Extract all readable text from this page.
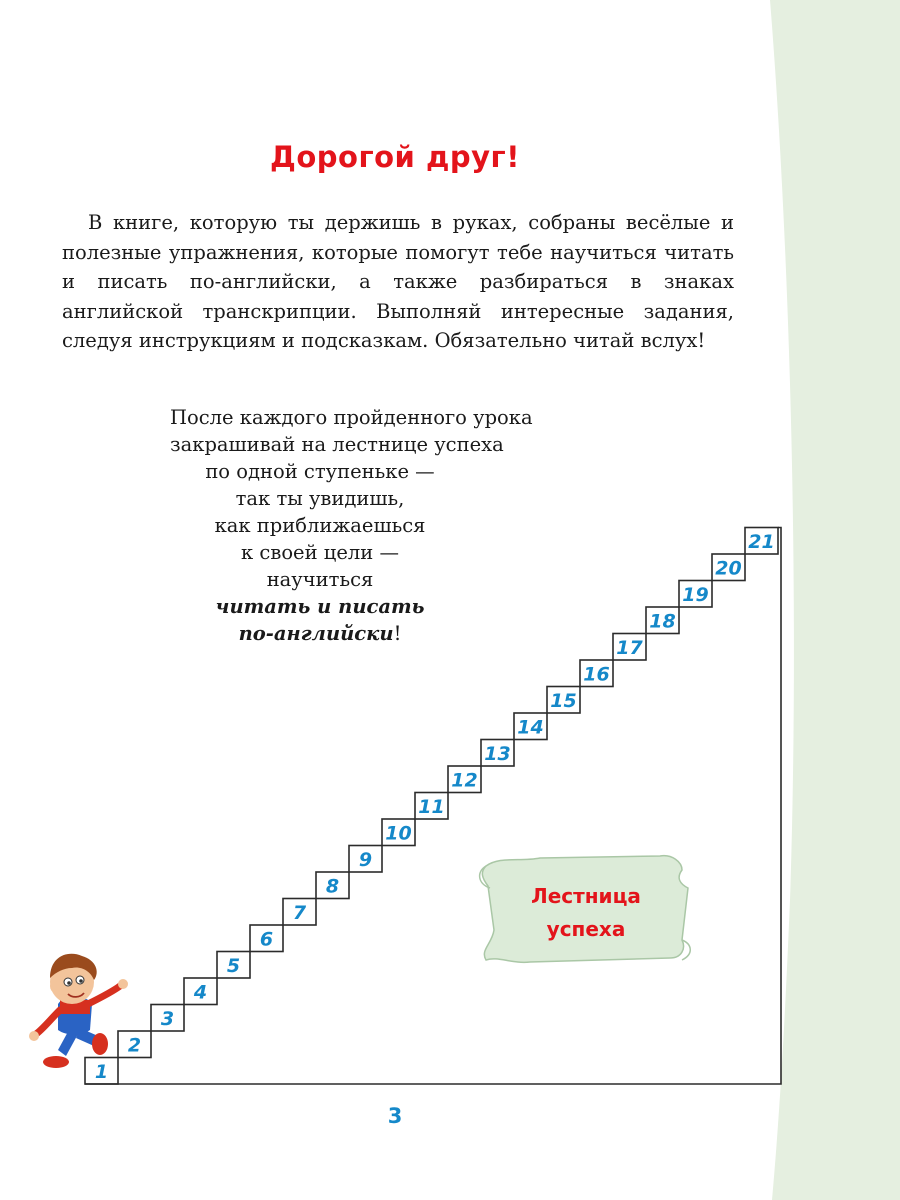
Дорогой друг!

В книге, которую ты держишь в руках, собраны весёлые и полезные упражнения, которые помогут тебе научиться читать и писать по-английски, а также разбираться в знаках английской транскрипции. Выполняй интересные задания, следуя инструкциям и подсказкам. Обязательно читай вслух!

После каждого пройденного урока
закрашивай на лестнице успеха
по одной ступеньке —
так ты увидишь,
как приближаешься
к своей цели —
научиться
читать и писать
по-английски!
1
2
3
4
5
6
7
8
9
10
11
12
13
14
15
16
17
18
19
20
21
Лестница
успеха
3
